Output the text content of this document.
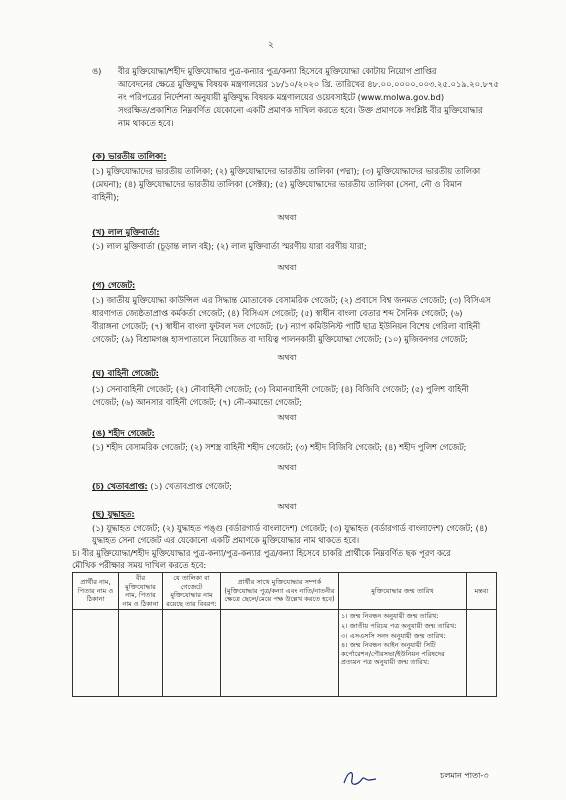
২
ঙ) বীর মুক্তিযোদ্ধা/শহীদ মুক্তিযোদ্ধার পুত্র-কন্যার পুত্র/কন্যা হিসেবে মুক্তিযোদ্ধা কোটায় নিয়োগ প্রাপ্তির
আবেদনের ক্ষেত্রে মুক্তিযুদ্ধ বিষয়ক মন্ত্রণালয়ের ১৮/১০/২০২০ খ্রি. তারিখের ৪৮.০০.০০০০.০০৩.২৫.০১৯.২০.৮৭৫
নং পরিপত্রের নির্দেশনা অনুযায়ী মুক্তিযুদ্ধ বিষয়ক মন্ত্রণালয়ের ওয়েবসাইটে (www.molwa.gov.bd)
সংরক্ষিত/প্রকাশিত নিম্নবর্ণিত যেকোনো একটি প্রমাণক দাখিল করতে হবে। উক্ত প্রমাণকে সংশ্লিষ্ট বীর মুক্তিযোদ্ধার
নাম থাকতে হবে।
(ক) ভারতীয় তালিকা:
(১) মুক্তিযোদ্ধাদের ভারতীয় তালিকা; (২) মুক্তিযোদ্ধাদের ভারতীয় তালিকা (পদ্মা); (৩) মুক্তিযোদ্ধাদের ভারতীয় তালিকা
(মেঘনা); (৪) মুক্তিযোদ্ধাদের ভারতীয় তালিকা (সেক্টর); (৫) মুক্তিযোদ্ধাদের ভারতীয় তালিকা (সেনা, নৌ ও বিমান
বাহিনী);
অথবা
(খ) লাল মুক্তিবার্তা:
(১) লাল মুক্তিবার্তা (চূড়ান্ত লাল বই); (২) লাল মুক্তিবার্তা স্মরণীয় যারা বরণীয় যারা;
অথবা
(গ) গেজেট:
(১) জাতীয় মুক্তিযোদ্ধা কাউন্সিল এর সিদ্ধান্ত মোতাবেক বেসামরিক গেজেট; (২) প্রবাসে বিশ্ব জনমত গেজেট; (৩) বিসিএস
ধারণাগত জ্যেষ্ঠতাপ্রাপ্ত কর্মকর্তা গেজেট; (৪) বিসিএস গেজেট; (৫) স্বাধীন বাংলা বেতার শব্দ সৈনিক গেজেট; (৬)
বীরাঙ্গনা গেজেট; (৭) স্বাধীন বাংলা ফুটবল দল গেজেট; (৮) ন্যাপ কমিউনিস্ট পার্টি ছাত্র ইউনিয়ন বিশেষ গেরিলা বাহিনী
গেজেট; (৯) বিশ্রামগঞ্জ হাসপাতালে নিয়োজিত বা দায়িত্ব পালনকারী মুক্তিযোদ্ধা গেজেট; (১০) মুজিবনগর গেজেট;
অথবা
(ঘ) বাহিনী গেজেট:
(১) সেনাবাহিনী গেজেট; (২) নৌবাহিনী গেজেট; (৩) বিমানবাহিনী গেজেট; (৪) বিজিবি গেজেট; (৫) পুলিশ বাহিনী
গেজেট; (৬) আনসার বাহিনী গেজেট; (৭) নৌ-কমান্ডো গেজেট;
অথবা
(ঙ) শহীদ গেজেট:
(১) শহীদ বেসামরিক গেজেট; (২) সশস্ত্র বাহিনী শহীদ গেজেট; (৩) শহীদ বিজিবি গেজেট; (৪) শহীদ পুলিশ গেজেট;
অথবা
(চ) খেতাবপ্রাপ্ত: (১) খেতাবপ্রাপ্ত গেজেট;
অথবা
(ছ) যুদ্ধাহত:
(১) যুদ্ধাহত গেজেট; (২) যুদ্ধাহত পঙ্গু (বর্ডারগার্ড বাংলাদেশ) গেজেট; (৩) যুদ্ধাহত (বর্ডারগার্ড বাংলাদেশ) গেজেট; (৪)
যুদ্ধাহত সেনা গেজেট এর যেকোনো একটি প্রমাণকে মুক্তিযোদ্ধার নাম থাকতে হবে।
চ। বীর মুক্তিযোদ্ধা/শহীদ মুক্তিযোদ্ধার পুত্র-কন্যা/পুত্র-কন্যার পুত্র/কন্যা হিসেবে চাকরি প্রার্থীকে নিম্নবর্ণিত ছক পূরণ করে
প্রার্থীর নাম, পিতার নাম ও ঠিকানা	বীর মুক্তিযোদ্ধার নাম, পিতার নাম ও ঠিকানা	যে তালিকা বা গেজেটে মুক্তিযোদ্ধার নাম রয়েছে তার বিবরণ:	প্রার্থীর সাথে মুক্তিযোদ্ধার সম্পর্ক (মুক্তিযোদ্ধার পুত্র/কন্যা এবং নাতি/নাতনীর ক্ষেত্রে ছেলে/মেয়ে পক্ষ উল্লেখ করতে হবে)	মুক্তিযোদ্ধার জন্ম তারিখ	মন্তব্য

				১। জন্ম নিবন্ধন অনুযায়ী জন্ম তারিখ:
২। জাতীয় পরিচয় পত্র অনুযায়ী জন্ম তারিখ:
৩। এসএসসি সনদ অনুযায়ী জন্ম তারিখ:
৪। জন্ম নিবন্ধন আইন অনুযায়ী সিটি কর্পোরেশন/পৌরসভা/ইউনিয়ন পরিষদের প্রত্যয়ন পত্র অনুযায়ী জন্ম তারিখ:	

চলমান পাতা-৩
মৌখিক পরীক্ষার সময় দাখিল করতে হবে:
